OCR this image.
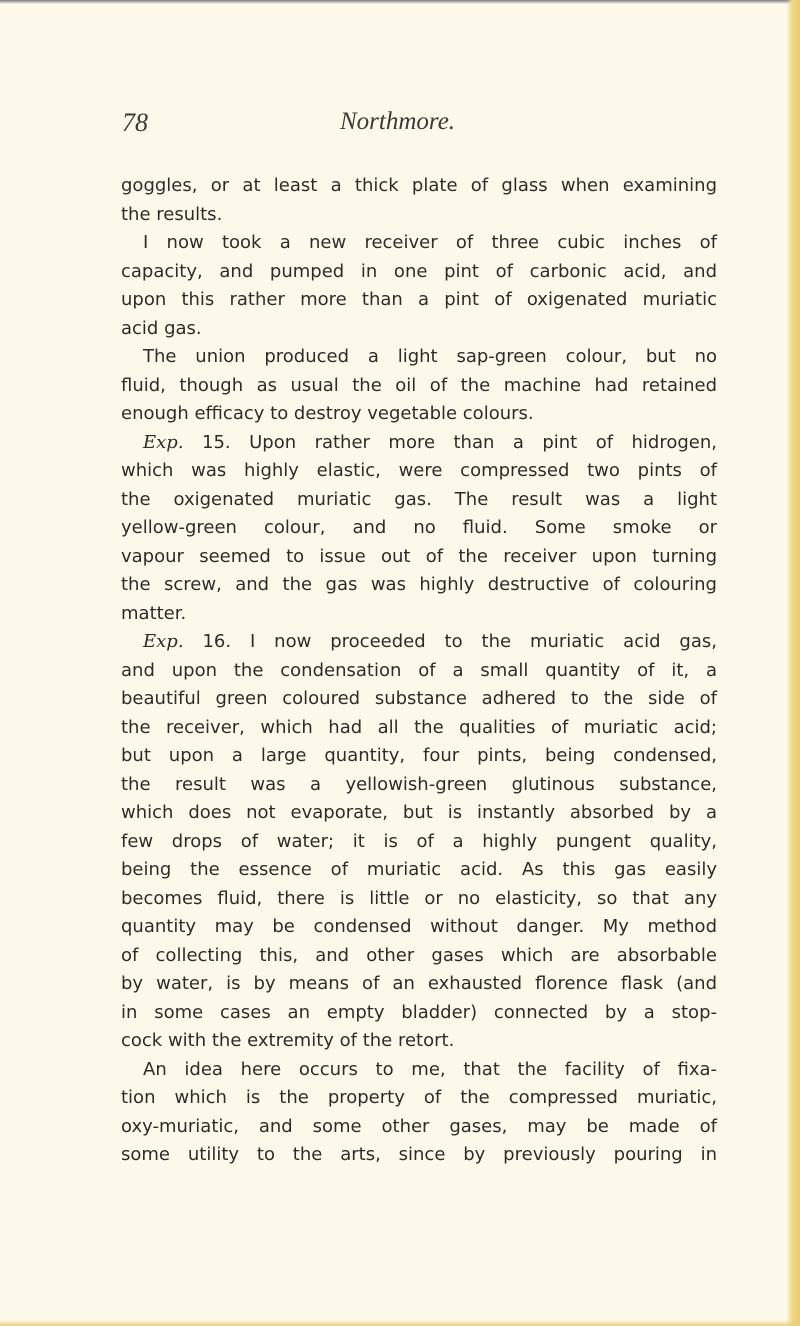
78	Northmore.
goggles, or at least a thick plate of glass when examining
the results.
I now took a new receiver of three cubic inches of
capacity, and pumped in one pint of carbonic acid, and
upon this rather more than a pint of oxigenated muriatic
acid gas.
The union produced a light sap-green colour, but no
fluid, though as usual the oil of the machine had retained
enough efficacy to destroy vegetable colours.
Exp. 15. Upon rather more than a pint of hidrogen,
which was highly elastic, were compressed two pints of
the oxigenated muriatic gas. The result was a light
yellow-green colour, and no fluid. Some smoke or
vapour seemed to issue out of the receiver upon turning
the screw, and the gas was highly destructive of colouring
matter.
Exp. 16. I now proceeded to the muriatic acid gas,
and upon the condensation of a small quantity of it, a
beautiful green coloured substance adhered to the side of
the receiver, which had all the qualities of muriatic acid;
but upon a large quantity, four pints, being condensed,
the result was a yellowish-green glutinous substance,
which does not evaporate, but is instantly absorbed by a
few drops of water; it is of a highly pungent quality,
being the essence of muriatic acid. As this gas easily
becomes fluid, there is little or no elasticity, so that any
quantity may be condensed without danger. My method
of collecting this, and other gases which are absorbable
by water, is by means of an exhausted florence flask (and
in some cases an empty bladder) connected by a stop-
cock with the extremity of the retort.
An idea here occurs to me, that the facility of fixa-
tion which is the property of the compressed muriatic,
oxy-muriatic, and some other gases, may be made of
some utility to the arts, since by previously pouring in
